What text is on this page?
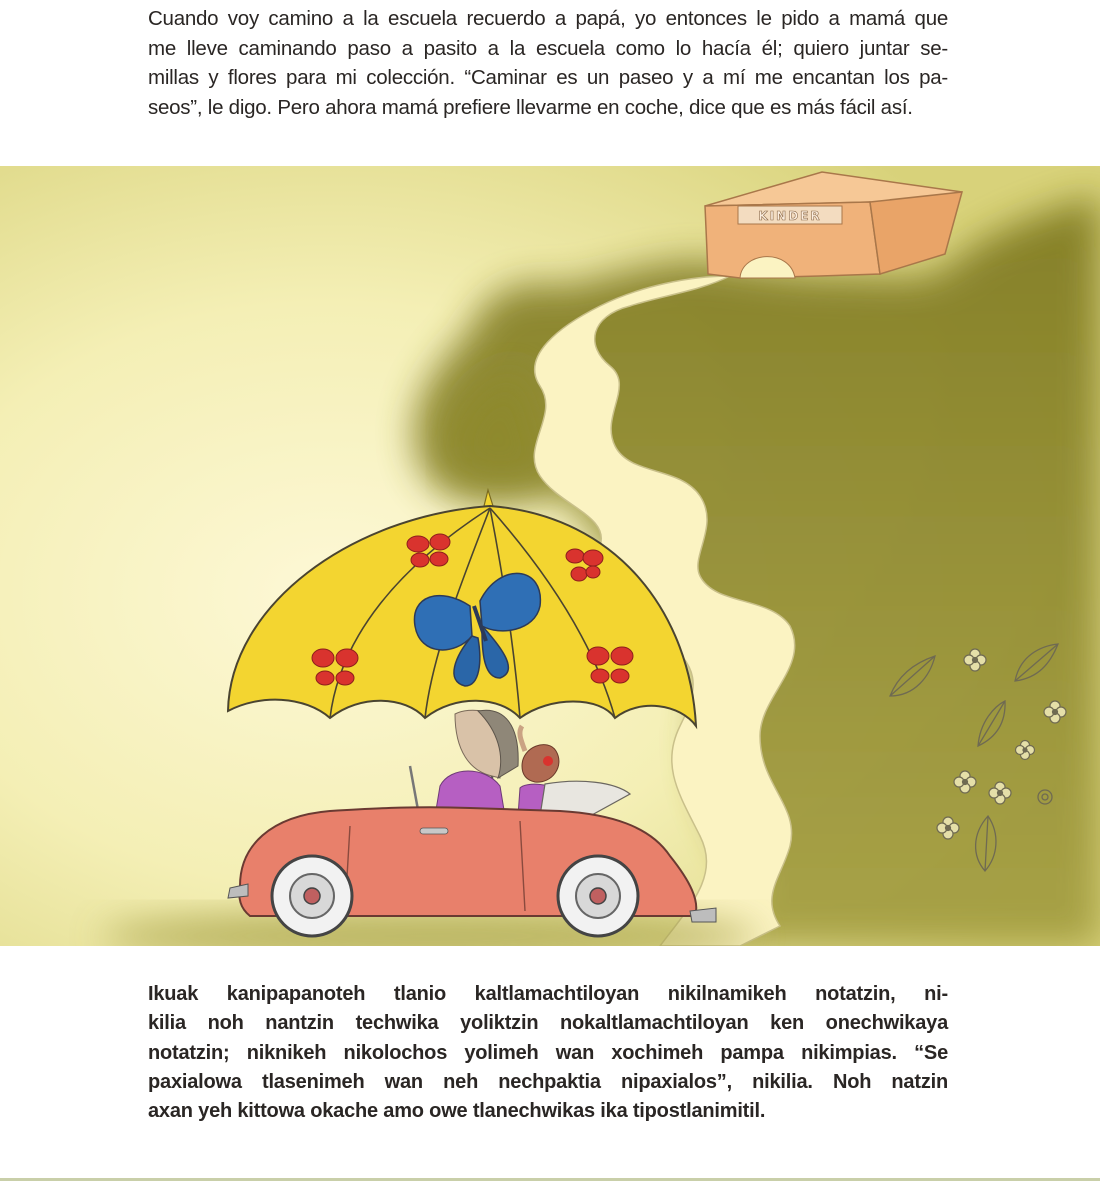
Cuando voy camino a la escuela recuerdo a papá, yo entonces le pido a mamá que
me lleve caminando paso a pasito a la escuela como lo hacía él; quiero juntar se-
millas y flores para mi colección. “Caminar es un paseo y a mí me encantan los pa-
seos”, le digo. Pero ahora mamá prefiere llevarme en coche, dice que es más fácil así.
KINDER
Ikuak kanipapanoteh tlanio kaltlamachtiloyan nikilnamikeh notatzin, ni-
kilia noh nantzin techwika yoliktzin nokaltlamachtiloyan ken onechwikaya
notatzin; niknikeh nikolochos yolimeh wan xochimeh pampa nikimpias. “Se
paxialowa tlasenimeh wan neh nechpaktia nipaxialos”, nikilia. Noh natzin
axan yeh kittowa okache amo owe tlanechwikas ika tipostlanimitil.
